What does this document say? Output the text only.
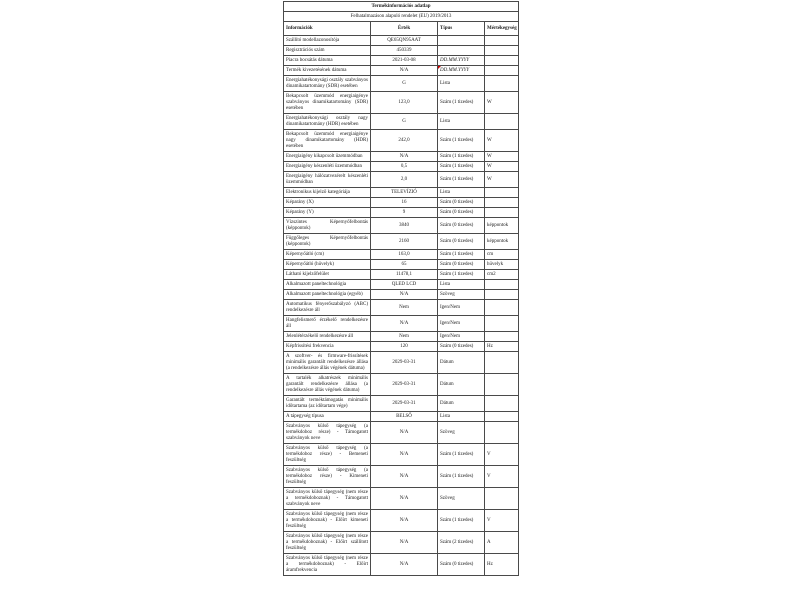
Termékinformációs adatlap			
Felhatalmazáson alapuló rendelet (EU) 2019/2013			
Információk	Érték	Típus	Mértékegység
Szállító modellazonosítója	QE65QN95AAT		
Regisztrációs szám	450339		
Piacra bocsátás dátuma	2021-03-08	DD.MM.YYYY	
Termék kivezetésének dátuma	N/A	DD.MM.YYYY	
Energiahatékonysági osztály szabványos dinamikatartomány (SDR) esetében	G	Lista	
Bekapcsolt üzemmód energiaigénye szabványos dinamikatartomány (SDR) esetében	123,0	Szám (1 tizedes)	W
Energiahatékonysági osztály nagy dinamikatartomány (HDR) esetében	G	Lista	
Bekapcsolt üzemmód energiaigénye nagy dinamikatartomány (HDR) esetében	242,0	Szám (1 tizedes)	W
Energiaigény kikapcsolt üzemmódban	N/A	Szám (1 tizedes)	W
Energiaigény készenléti üzemmódban	0,5	Szám (1 tizedes)	W
Energiaigény hálózatvezérelt készenléti üzemmódban	2,0	Szám (1 tizedes)	W
Elektronikus kijelző kategóriája	TELEVÍZIÓ	Lista	
Képarány (X)	16	Szám (0 tizedes)	
Képarány (Y)	9	Szám (0 tizedes)	
Vízszintes Képernyőfelbontás (képpontok)	3840	Szám (0 tizedes)	képpontok
Függőleges Képernyőfelbontás (képpontok)	2160	Szám (0 tizedes)	képpontok
Képernyőátló (cm)	163,0	Szám (1 tizedes)	cm
Képernyőátló (hüvelyk)	65	Szám (0 tizedes)	hüvelyk
Látható kijelzőfelület	11478,1	Szám (1 tizedes)	cm2
Alkalmazott paneltechnológia	QLED LCD	Lista	
Alkalmazott paneltechnológia (egyéb)	N/A	Szöveg	
Automatikus fényerőszabályzó (ABC) rendelkezésre áll	Nem	Igen/Nem	
Hangfelismerő érzékelő rendelkezésre áll	N/A	Igen/Nem	
Jelenlétérzékelő rendelkezésre áll	Nem	Igen/Nem	
Képfrissítési frekvencia	120	Szám (0 tizedes)	Hz
A szoftver- és firmware-frissítések minimális garantált rendelkezésre állása (a rendelkezésre állás végének dátuma)	2029-03-31	Dátum	
A tartalék alkatrészek minimális garantált rendelkezésre állása (a rendelkezésre állás végének dátuma)	2029-03-31	Dátum	
Garantált terméktámogatás minimális időtartama (az időtartam vége)	2029-03-31	Dátum	
A tápegység típusa	BELSŐ	Lista	
Szabványos külső tápegység (a termékdoboz része) - Támogatott szabványok neve	N/A	Szöveg	
Szabványos külső tápegység (a termékdoboz része) - Bemeneti feszültség	N/A	Szám (1 tizedes)	V
Szabványos külső tápegység (a termékdoboz része) - Kimeneti feszültség	N/A	Szám (1 tizedes)	V
Szabványos külső tápegység (nem része a termékdoboznak) - Támogatott szabványok neve	N/A	Szöveg	
Szabványos külső tápegység (nem része a termékdoboznak) - Előírt kimeneti feszültség	N/A	Szám (1 tizedes)	V
Szabványos külső tápegység (nem része a termékdoboznak) - Előírt szállított feszültség	N/A	Szám (2 tizedes)	A
Szabványos külső tápegység (nem része a termékdoboznak) - Előírt áramfrekvencia	N/A	Szám (0 tizedes)	Hz
